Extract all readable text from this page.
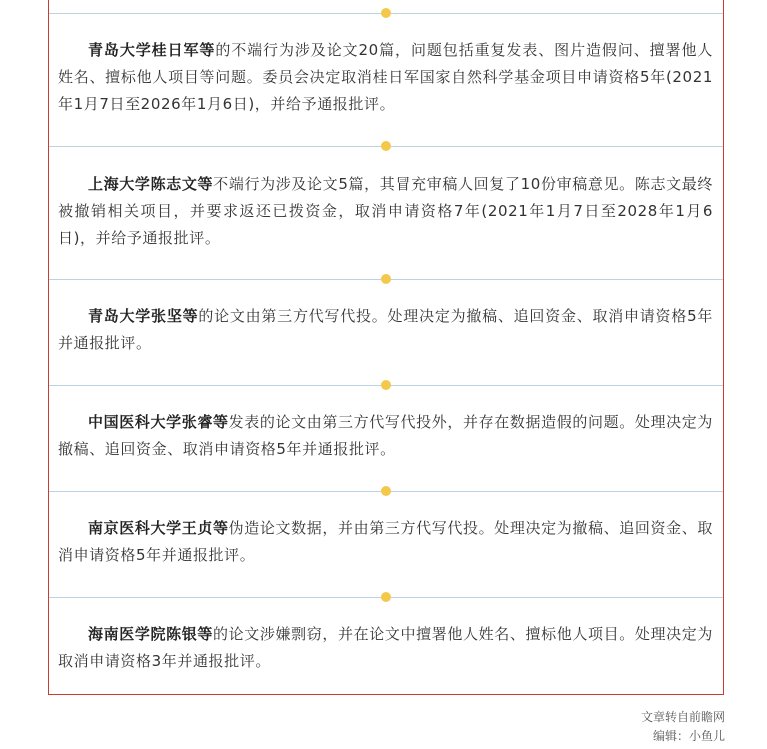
青岛大学桂日军等的不端行为涉及论文20篇，问题包括重复发表、图片造假问、擅署他人姓名、擅标他人项目等问题。委员会决定取消桂日军国家自然科学基金项目申请资格5年(2021年1月7日至2026年1月6日)，并给予通报批评。
上海大学陈志文等不端行为涉及论文5篇，其冒充审稿人回复了10份审稿意见。陈志文最终被撤销相关项目，并要求返还已拨资金，取消申请资格7年(2021年1月7日至2028年1月6日)，并给予通报批评。
青岛大学张坚等的论文由第三方代写代投。处理决定为撤稿、追回资金、取消申请资格5年并通报批评。
中国医科大学张睿等发表的论文由第三方代写代投外，并存在数据造假的问题。处理决定为撤稿、追回资金、取消申请资格5年并通报批评。
南京医科大学王贞等伪造论文数据，并由第三方代写代投。处理决定为撤稿、追回资金、取消申请资格5年并通报批评。
海南医学院陈银等的论文涉嫌剽窃，并在论文中擅署他人姓名、擅标他人项目。处理决定为取消申请资格3年并通报批评。
文章转自前瞻网
编辑：小鱼儿
